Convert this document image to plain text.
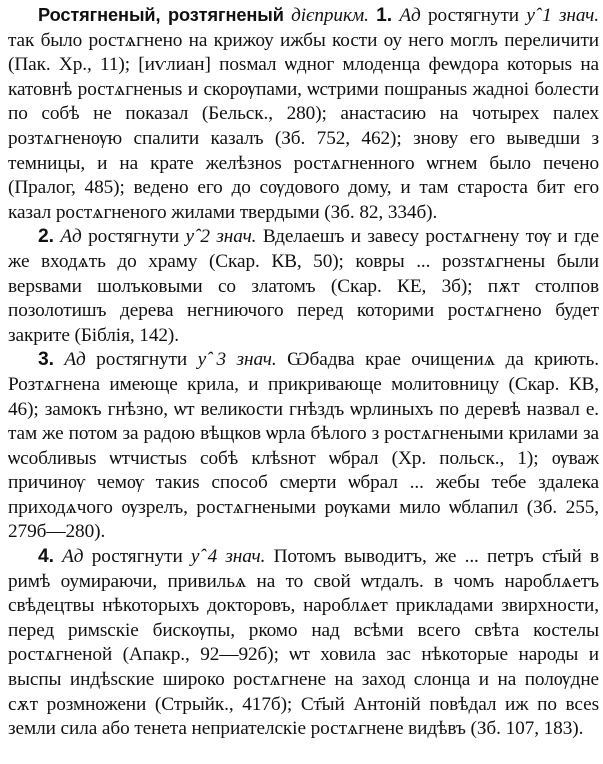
Ростягненый, розтягненый дієприкм. 1. Ад ростягнути у̂ 1 знач. так было ростѧгнено на крижоу ижбы кости оу него моглъ переличити (Пак. Хр., 11); [иѵлиан] поѕмал ѡдног млоденца феѡдора которыѕ на катовнѣ ростѧгненыѕ и скорѹпами, ѡстрими пошраныѕ жадноі болести по собѣ не показал (Бельск., 280); анастасию на чотырех палех розтѧгненѹю спалити казалъ (Зб. 752, 462); знову его выведши з темницы, и на крате желѣзноѕ ростѧгненного ѡгнем было печено (Пралог, 485); ведено его до сѹдового дому, и там староста бит его казал ростѧгненого жилами твердыми (Зб. 82, 334б).

2. Ад ростягнути у̂ 2 знач. Вделаешъ и завесу ростѧгнену тѹ и где же входѧть до храму (Скар. КВ, 50); ковры ... розѕтѧгнены были верѕвами шолъковыми со златомъ (Скар. КЕ, 3б); пѫт столпов позолотишъ дерева негниючого перед которими ростѧгнено будет закрите (Біблія, 142).

3. Ад ростягнути у̂ 3 знач. Ѡбадва крае очищениѧ да криють. Розтѧгнена имеюще крила, и прикривающе молитовницу (Скар. КВ, 46); замокъ гнѣзно, ѡт великости гнѣздъ ѡрлиныхъ по деревѣ назвал е. там же потом за радою вѣщков ѡрла бѣлого з ростѧгнеными крилами за ѡсобливыѕ ѡтчистыѕ собѣ клѣѕнот ѡбрал (Хр. польск., 1); ѹваж причинѹ чемѹ такиѕ способ смерти ѡбрал ... жебы тебе здалека приходѧчого ѹзрелъ, ростѧгнеными рѹками мило ѡблапил (Зб. 255, 279б—280).

4. Ад ростягнути у̂ 4 знач. Потомъ выводитъ, же ... петръ ст҃ый в римѣ оумираючи, привильѧ на то свой ѡтдалъ. в чомъ нароблѧетъ свѣдецтвы нѣкоторыхъ докторовъ, нароблѧет прикладами звирхности, перед римѕскіе бискѹпы, ркомо над всѣми всего свѣта костелы ростѧгненой (Апакр., 92—92б); ѡт ховила зас нѣкоторые народы и выспы индѣѕские широко ростѧгнене на заход слонца и на полѹдне сѫт розмножени (Стрыйк., 417б); Ст҃ый Антоній повѣдал иж по всеѕ земли сила або тенета неприателскіе ростѧгнене видѣвъ (Зб. 107, 183).
